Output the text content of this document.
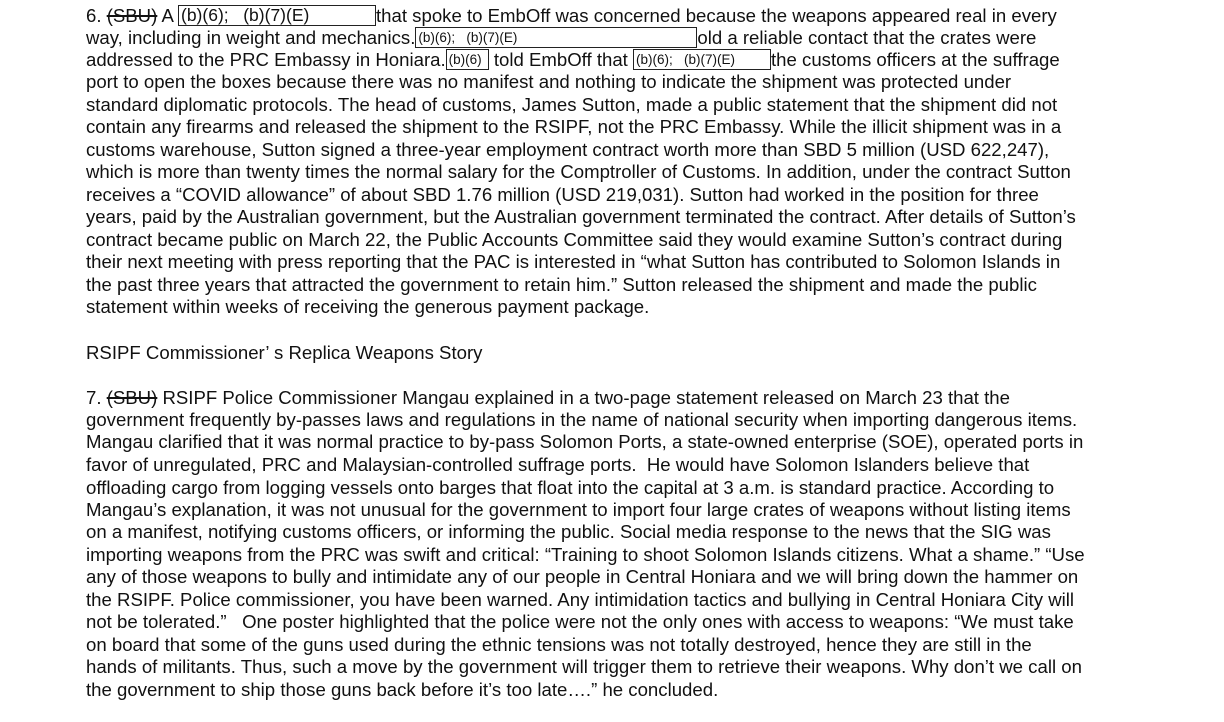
6. (SBU) A (b)(6);   (b)(7)(E)	that spoke to EmbOff was concerned because the weapons appeared real in every
way, including in weight and mechanics. (b)(6);   (b)(7)(E)	old a reliable contact that the crates were
addressed to the PRC Embassy in Honiara. (b)(6) told EmbOff that (b)(6);   (b)(7)(E) the customs officers at the suffrage
port to open the boxes because there was no manifest and nothing to indicate the shipment was protected under
standard diplomatic protocols. The head of customs, James Sutton, made a public statement that the shipment did not
contain any firearms and released the shipment to the RSIPF, not the PRC Embassy. While the illicit shipment was in a
customs warehouse, Sutton signed a three-year employment contract worth more than SBD 5 million (USD 622,247),
which is more than twenty times the normal salary for the Comptroller of Customs. In addition, under the contract Sutton
receives a “COVID allowance” of about SBD 1.76 million (USD 219,031). Sutton had worked in the position for three
years, paid by the Australian government, but the Australian government terminated the contract. After details of Sutton’s
contract became public on March 22, the Public Accounts Committee said they would examine Sutton’s contract during
their next meeting with press reporting that the PAC is interested in “what Sutton has contributed to Solomon Islands in
the past three years that attracted the government to retain him.” Sutton released the shipment and made the public
statement within weeks of receiving the generous payment package.
RSIPF Commissioner’ s Replica Weapons Story
7. (SBU) RSIPF Police Commissioner Mangau explained in a two-page statement released on March 23 that the
government frequently by-passes laws and regulations in the name of national security when importing dangerous items.
Mangau clarified that it was normal practice to by-pass Solomon Ports, a state-owned enterprise (SOE), operated ports in
favor of unregulated, PRC and Malaysian-controlled suffrage ports.  He would have Solomon Islanders believe that
offloading cargo from logging vessels onto barges that float into the capital at 3 a.m. is standard practice. According to
Mangau’s explanation, it was not unusual for the government to import four large crates of weapons without listing items
on a manifest, notifying customs officers, or informing the public. Social media response to the news that the SIG was
importing weapons from the PRC was swift and critical: “Training to shoot Solomon Islands citizens. What a shame.” “Use
any of those weapons to bully and intimidate any of our people in Central Honiara and we will bring down the hammer on
the RSIPF. Police commissioner, you have been warned. Any intimidation tactics and bullying in Central Honiara City will
not be tolerated.”   One poster highlighted that the police were not the only ones with access to weapons: “We must take
on board that some of the guns used during the ethnic tensions was not totally destroyed, hence they are still in the
hands of militants. Thus, such a move by the government will trigger them to retrieve their weapons. Why don’t we call on
the government to ship those guns back before it’s too late….” he concluded.
